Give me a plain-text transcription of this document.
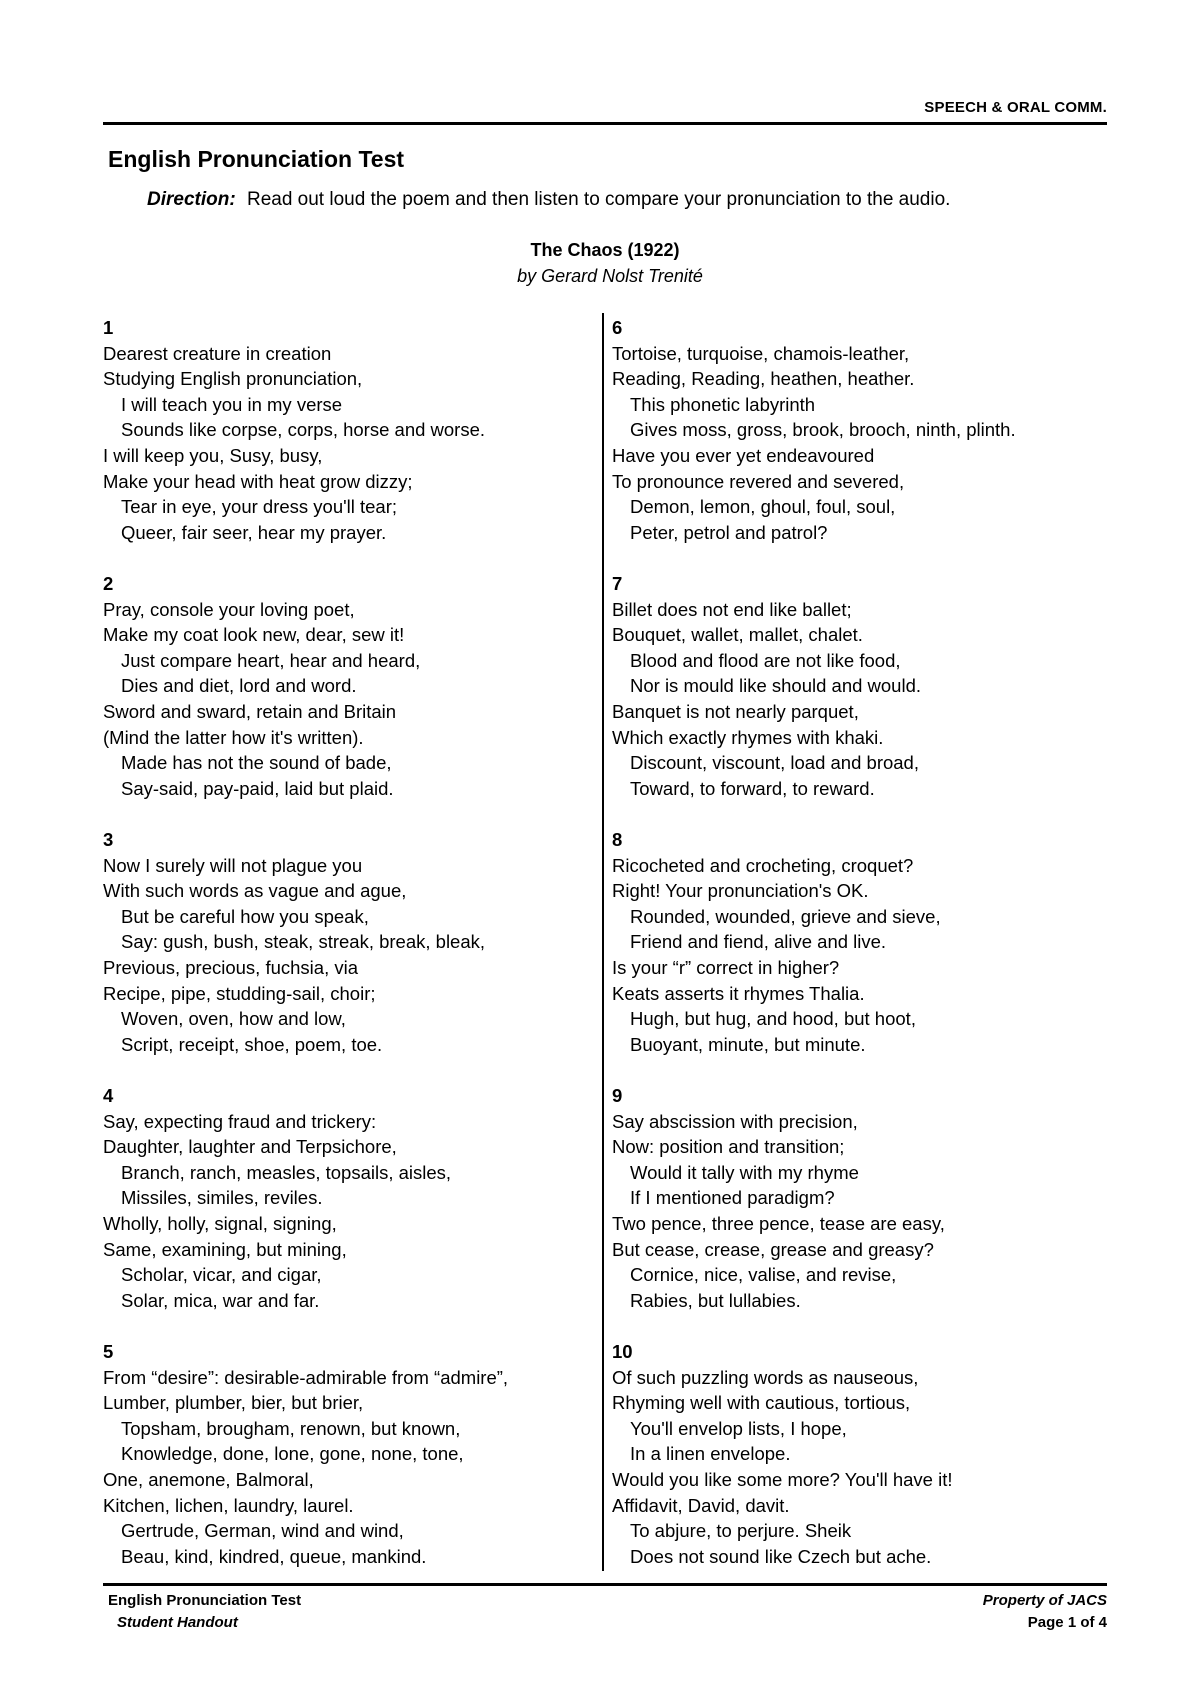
SPEECH & ORAL COMM.
English Pronunciation Test
Direction: Read out loud the poem and then listen to compare your pronunciation to the audio.
The Chaos (1922)
by Gerard Nolst Trenité
1
Dearest creature in creation
Studying English pronunciation,
I will teach you in my verse
Sounds like corpse, corps, horse and worse.
I will keep you, Susy, busy,
Make your head with heat grow dizzy;
Tear in eye, your dress you'll tear;
Queer, fair seer, hear my prayer.
2
Pray, console your loving poet,
Make my coat look new, dear, sew it!
Just compare heart, hear and heard,
Dies and diet, lord and word.
Sword and sward, retain and Britain
(Mind the latter how it's written).
Made has not the sound of bade,
Say-said, pay-paid, laid but plaid.
3
Now I surely will not plague you
With such words as vague and ague,
But be careful how you speak,
Say: gush, bush, steak, streak, break, bleak,
Previous, precious, fuchsia, via
Recipe, pipe, studding-sail, choir;
Woven, oven, how and low,
Script, receipt, shoe, poem, toe.
4
Say, expecting fraud and trickery:
Daughter, laughter and Terpsichore,
Branch, ranch, measles, topsails, aisles,
Missiles, similes, reviles.
Wholly, holly, signal, signing,
Same, examining, but mining,
Scholar, vicar, and cigar,
Solar, mica, war and far.
5
From “desire”: desirable-admirable from “admire”,
Lumber, plumber, bier, but brier,
Topsham, brougham, renown, but known,
Knowledge, done, lone, gone, none, tone,
One, anemone, Balmoral,
Kitchen, lichen, laundry, laurel.
Gertrude, German, wind and wind,
Beau, kind, kindred, queue, mankind.
6
Tortoise, turquoise, chamois-leather,
Reading, Reading, heathen, heather.
This phonetic labyrinth
Gives moss, gross, brook, brooch, ninth, plinth.
Have you ever yet endeavoured
To pronounce revered and severed,
Demon, lemon, ghoul, foul, soul,
Peter, petrol and patrol?
7
Billet does not end like ballet;
Bouquet, wallet, mallet, chalet.
Blood and flood are not like food,
Nor is mould like should and would.
Banquet is not nearly parquet,
Which exactly rhymes with khaki.
Discount, viscount, load and broad,
Toward, to forward, to reward.
8
Ricocheted and crocheting, croquet?
Right! Your pronunciation's OK.
Rounded, wounded, grieve and sieve,
Friend and fiend, alive and live.
Is your “r” correct in higher?
Keats asserts it rhymes Thalia.
Hugh, but hug, and hood, but hoot,
Buoyant, minute, but minute.
9
Say abscission with precision,
Now: position and transition;
Would it tally with my rhyme
If I mentioned paradigm?
Two pence, three pence, tease are easy,
But cease, crease, grease and greasy?
Cornice, nice, valise, and revise,
Rabies, but lullabies.
10
Of such puzzling words as nauseous,
Rhyming well with cautious, tortious,
You'll envelop lists, I hope,
In a linen envelope.
Would you like some more? You'll have it!
Affidavit, David, davit.
To abjure, to perjure. Sheik
Does not sound like Czech but ache.
English Pronunciation Test
Student Handout
Property of JACS
Page 1 of 4
